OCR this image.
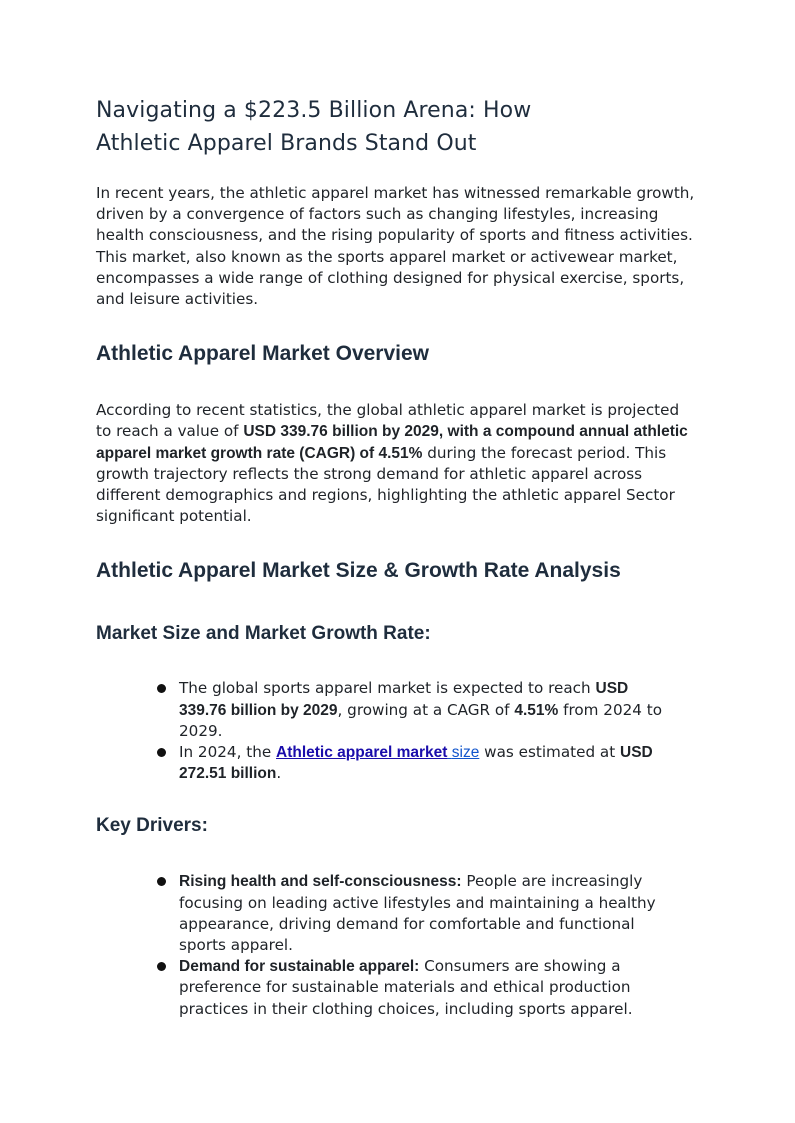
Navigating a $223.5 Billion Arena: How
Athletic Apparel Brands Stand Out

In recent years, the athletic apparel market has witnessed remarkable growth, driven by a convergence of factors such as changing lifestyles, increasing health consciousness, and the rising popularity of sports and fitness activities. This market, also known as the sports apparel market or activewear market, encompasses a wide range of clothing designed for physical exercise, sports, and leisure activities.

Athletic Apparel Market Overview

According to recent statistics, the global athletic apparel market is projected to reach a value of USD 339.76 billion by 2029, with a compound annual athletic apparel market growth rate (CAGR) of 4.51% during the forecast period. This growth trajectory reflects the strong demand for athletic apparel across different demographics and regions, highlighting the athletic apparel Sector significant potential.

Athletic Apparel Market Size & Growth Rate Analysis
Market Size and Market Growth Rate:
The global sports apparel market is expected to reach USD 339.76 billion by 2029, growing at a CAGR of 4.51% from 2024 to 2029.
In 2024, the Athletic apparel market size was estimated at USD 272.51 billion.
Key Drivers:
Rising health and self-consciousness: People are increasingly focusing on leading active lifestyles and maintaining a healthy appearance, driving demand for comfortable and functional sports apparel.
Demand for sustainable apparel: Consumers are showing a preference for sustainable materials and ethical production practices in their clothing choices, including sports apparel.
